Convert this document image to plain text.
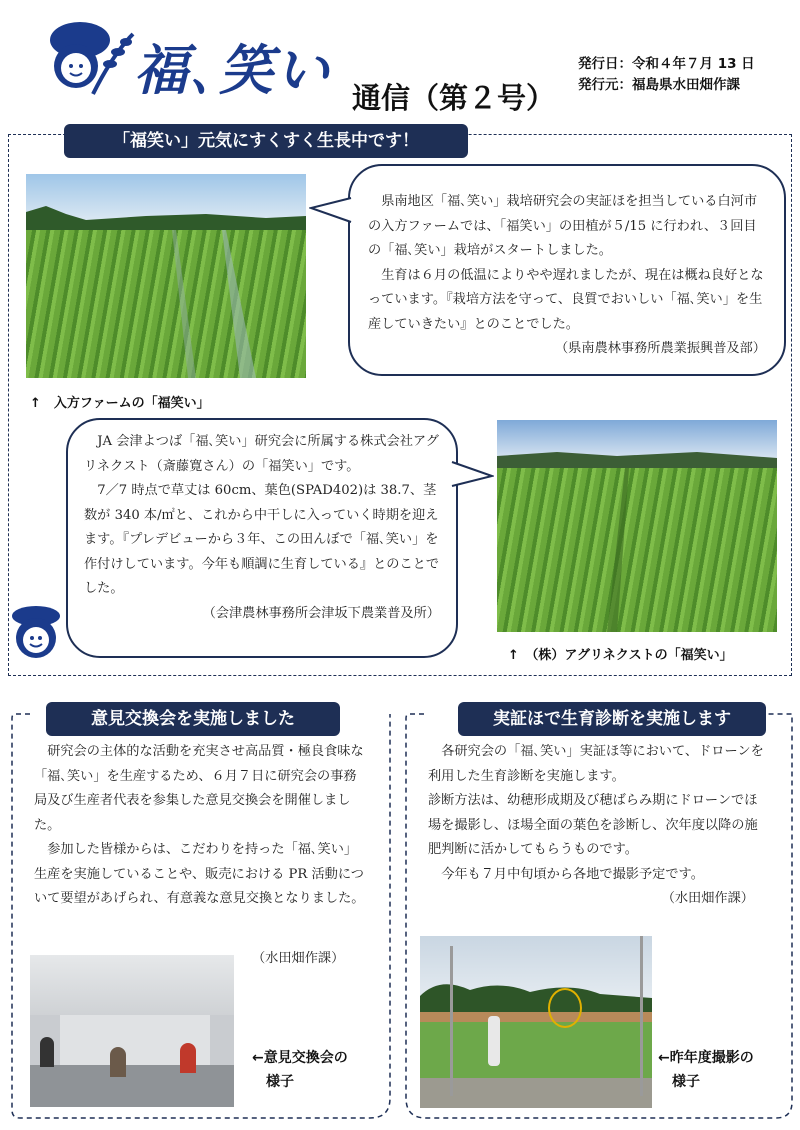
福､笑い 通信（第２号）
発行日：令和４年７月 13 日
発行元：福島県水田畑作課
「福笑い」元気にすくすく生長中です！
↑　入方ファームの「福笑い」

県南地区「福､笑い」栽培研究会の実証ほを担当している白河市の入方ファームでは、「福笑い」の田植が５/15 に行われ、３回目の「福､笑い」栽培がスタートしました。

生育は６月の低温によりやや遅れましたが、現在は概ね良好となっています。『栽培方法を守って、良質でおいしい「福､笑い」を生産していきたい』とのことでした。

（県南農林事務所農業振興普及部）

JA 会津よつば「福､笑い」研究会に所属する株式会社アグリネクスト（斎藤寛さん）の「福笑い」です。

7／7 時点で草丈は 60cm、葉色(SPAD402)は 38.7、茎数が 340 本/㎡と、これから中干しに入っていく時期を迎えます。『プレデビューから３年、この田んぼで「福､笑い」を作付けしています。今年も順調に生育している』とのことでした。

（会津農林事務所会津坂下農業普及所）
↑　（株）アグリネクストの「福笑い」
意見交換会を実施しました

研究会の主体的な活動を充実させ高品質・極良食味な「福､笑い」を生産するため、６月７日に研究会の事務局及び生産者代表を参集した意見交換会を開催しました。

参加した皆様からは、こだわりを持った「福､笑い」生産を実施していることや、販売における PR 活動について要望があげられ、有意義な意見交換となりました。

（水田畑作課）
←意見交換会の
様子
実証ほで生育診断を実施します

各研究会の「福､笑い」実証ほ等において、ドローンを利用した生育診断を実施します。

診断方法は、幼穂形成期及び穂ばらみ期にドローンでほ場を撮影し、ほ場全面の葉色を診断し、次年度以降の施肥判断に活かしてもらうものです。

今年も７月中旬頃から各地で撮影予定です。

（水田畑作課）
←昨年度撮影の
様子
